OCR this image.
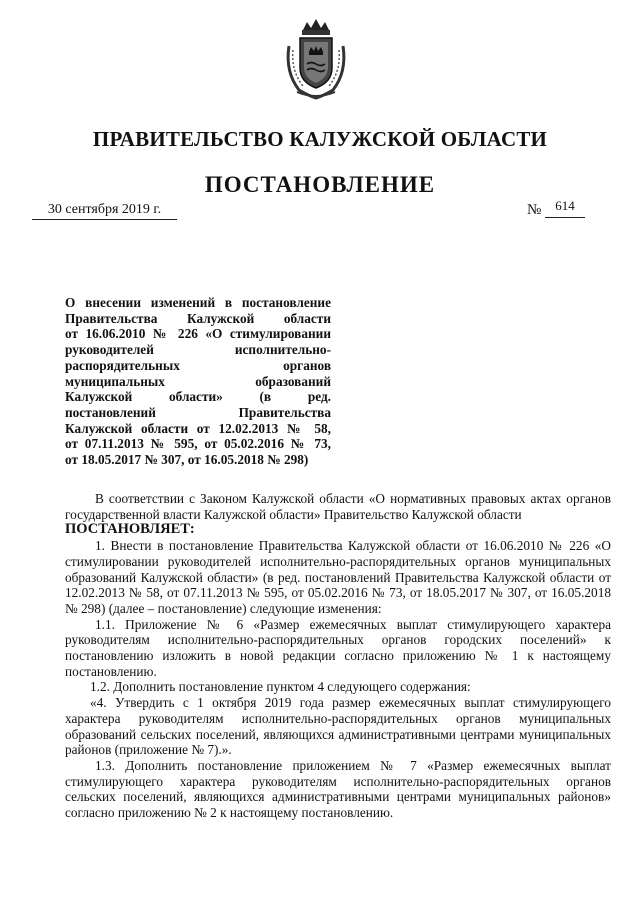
ПРАВИТЕЛЬСТВО КАЛУЖСКОЙ ОБЛАСТИ
ПОСТАНОВЛЕНИЕ
30 сентября 2019 г.	№	614
О внесении изменений в постановление
Правительства Калужской области
от 16.06.2010 № 226 «О стимулировании
руководителей исполнительно-
распорядительных органов
муниципальных образований
Калужской области» (в ред.
постановлений Правительства
Калужской области от 12.02.2013 № 58,
от 07.11.2013 № 595, от 05.02.2016 № 73,
от 18.05.2017 № 307, от 16.05.2018 № 298)

В соответствии с Законом Калужской области «О нормативных правовых актах органов государственной власти Калужской области» Правительство Калужской области

ПОСТАНОВЛЯЕТ:

1. Внести в постановление Правительства Калужской области от 16.06.2010 № 226 «О стимулировании руководителей исполнительно-распорядительных органов муниципальных образований Калужской области» (в ред. постановлений Правительства Калужской области от 12.02.2013 № 58, от 07.11.2013 № 595, от 05.02.2016 № 73, от 18.05.2017 № 307, от 16.05.2018 № 298) (далее – постановление) следующие изменения:

1.1. Приложение № 6 «Размер ежемесячных выплат стимулирующего характера руководителям исполнительно-распорядительных органов городских поселений» к постановлению изложить в новой редакции согласно приложению № 1 к настоящему постановлению.

1.2. Дополнить постановление пунктом 4 следующего содержания:

«4. Утвердить с 1 октября 2019 года размер ежемесячных выплат стимулирующего характера руководителям исполнительно-распорядительных органов муниципальных образований сельских поселений, являющихся административными центрами муниципальных районов (приложение № 7).».

1.3. Дополнить постановление приложением № 7 «Размер ежемесячных выплат стимулирующего характера руководителям исполнительно-распорядительных органов сельских поселений, являющихся административными центрами муниципальных районов» согласно приложению № 2 к настоящему постановлению.
